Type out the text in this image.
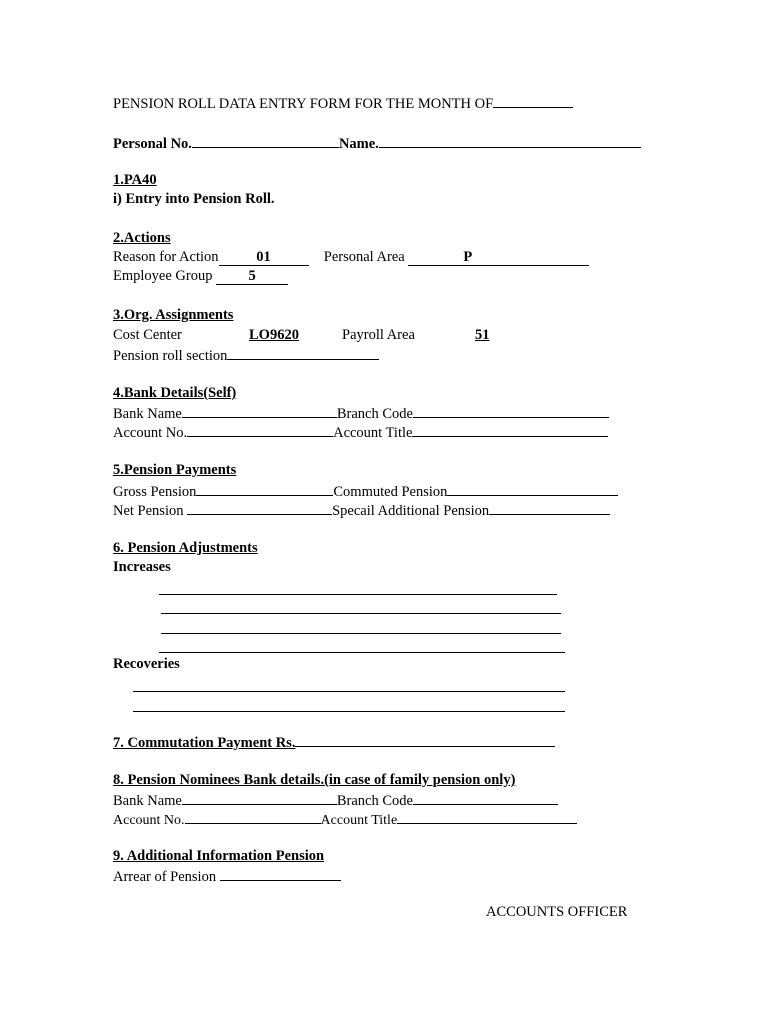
PENSION ROLL DATA ENTRY FORM FOR THE MONTH OF
Personal No.	Name.
1.PA40
i) Entry into Pension Roll.
2.Actions
Reason for Action	01	Personal Area	P
Employee Group 5
3.Org. Assignments
Cost Center	LO9620	Payroll Area	51
Pension roll section
4.Bank Details(Self)
Bank Name	Branch Code
Account No.	Account Title
5.Pension Payments
Gross Pension	Commuted Pension
Net Pension	Specail Additional Pension
6. Pension Adjustments
Increases
Recoveries
7. Commutation Payment Rs.
8. Pension Nominees Bank details.(in case of family pension only)
Bank Name	Branch Code
Account No.	Account Title
9. Additional Information Pension
Arrear of Pension
ACCOUNTS OFFICER
